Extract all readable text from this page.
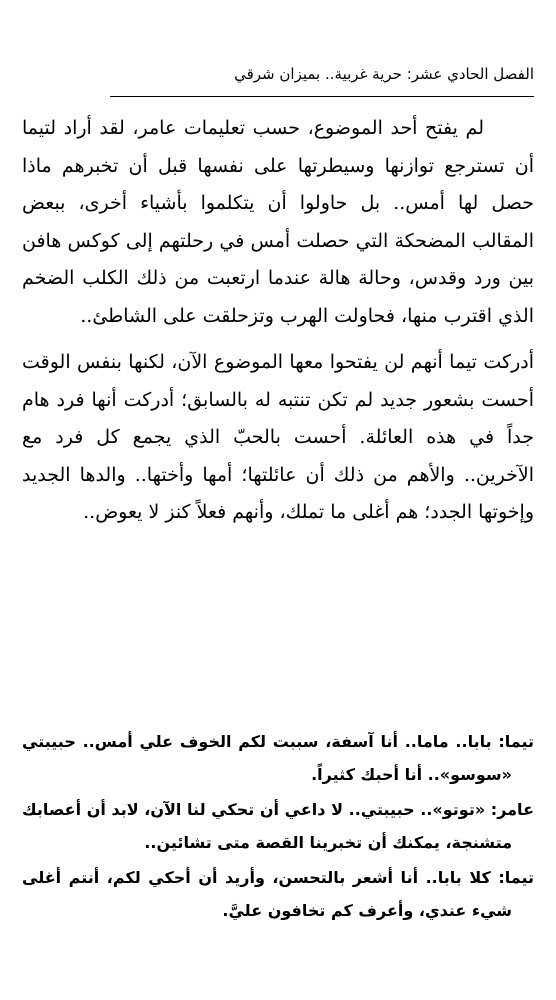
الفصل الحادي عشر: حرية غربية.. بميزان شرقي

لم يفتح أحد الموضوع، حسب تعليمات عامر، لقد أراد لتيما أن تسترجع توازنها وسيطرتها على نفسها قبل أن تخبرهم ماذا حصل لها أمس.. بل حاولوا أن يتكلموا بأشياء أخرى، ببعض المقالب المضحكة التي حصلت أمس في رحلتهم إلى كوكس هافن بين ورد وقدس، وحالة هالة عندما ارتعبت من ذلك الكلب الضخم الذي اقترب منها، فحاولت الهرب وتزحلقت على الشاطئ..

أدركت تيما أنهم لن يفتحوا معها الموضوع الآن، لكنها بنفس الوقت أحست بشعور جديد لم تكن تنتبه له بالسابق؛ أدركت أنها فرد هام جداً في هذه العائلة. أحست بالحبّ الذي يجمع كل فرد مع الآخرين.. والأهم من ذلك أن عائلتها؛ أمها وأختها.. والدها الجديد وإخوتها الجدد؛ هم أغلى ما تملك، وأنهم فعلاً كنز لا يعوض..

تيما: بابا.. ماما.. أنا آسفة، سببت لكم الخوف علي أمس.. حبيبتي «سوسو».. أنا أحبك كثيراً.

عامر: «توتو».. حبيبتي.. لا داعي أن تحكي لنا الآن، لابد أن أعصابك متشنجة، يمكنك أن تخبرينا القصة متى تشائين..

تيما: كلا بابا.. أنا أشعر بالتحسن، وأريد أن أحكي لكم، أنتم أغلى شيء عندي، وأعرف كم تخافون عليَّ.
